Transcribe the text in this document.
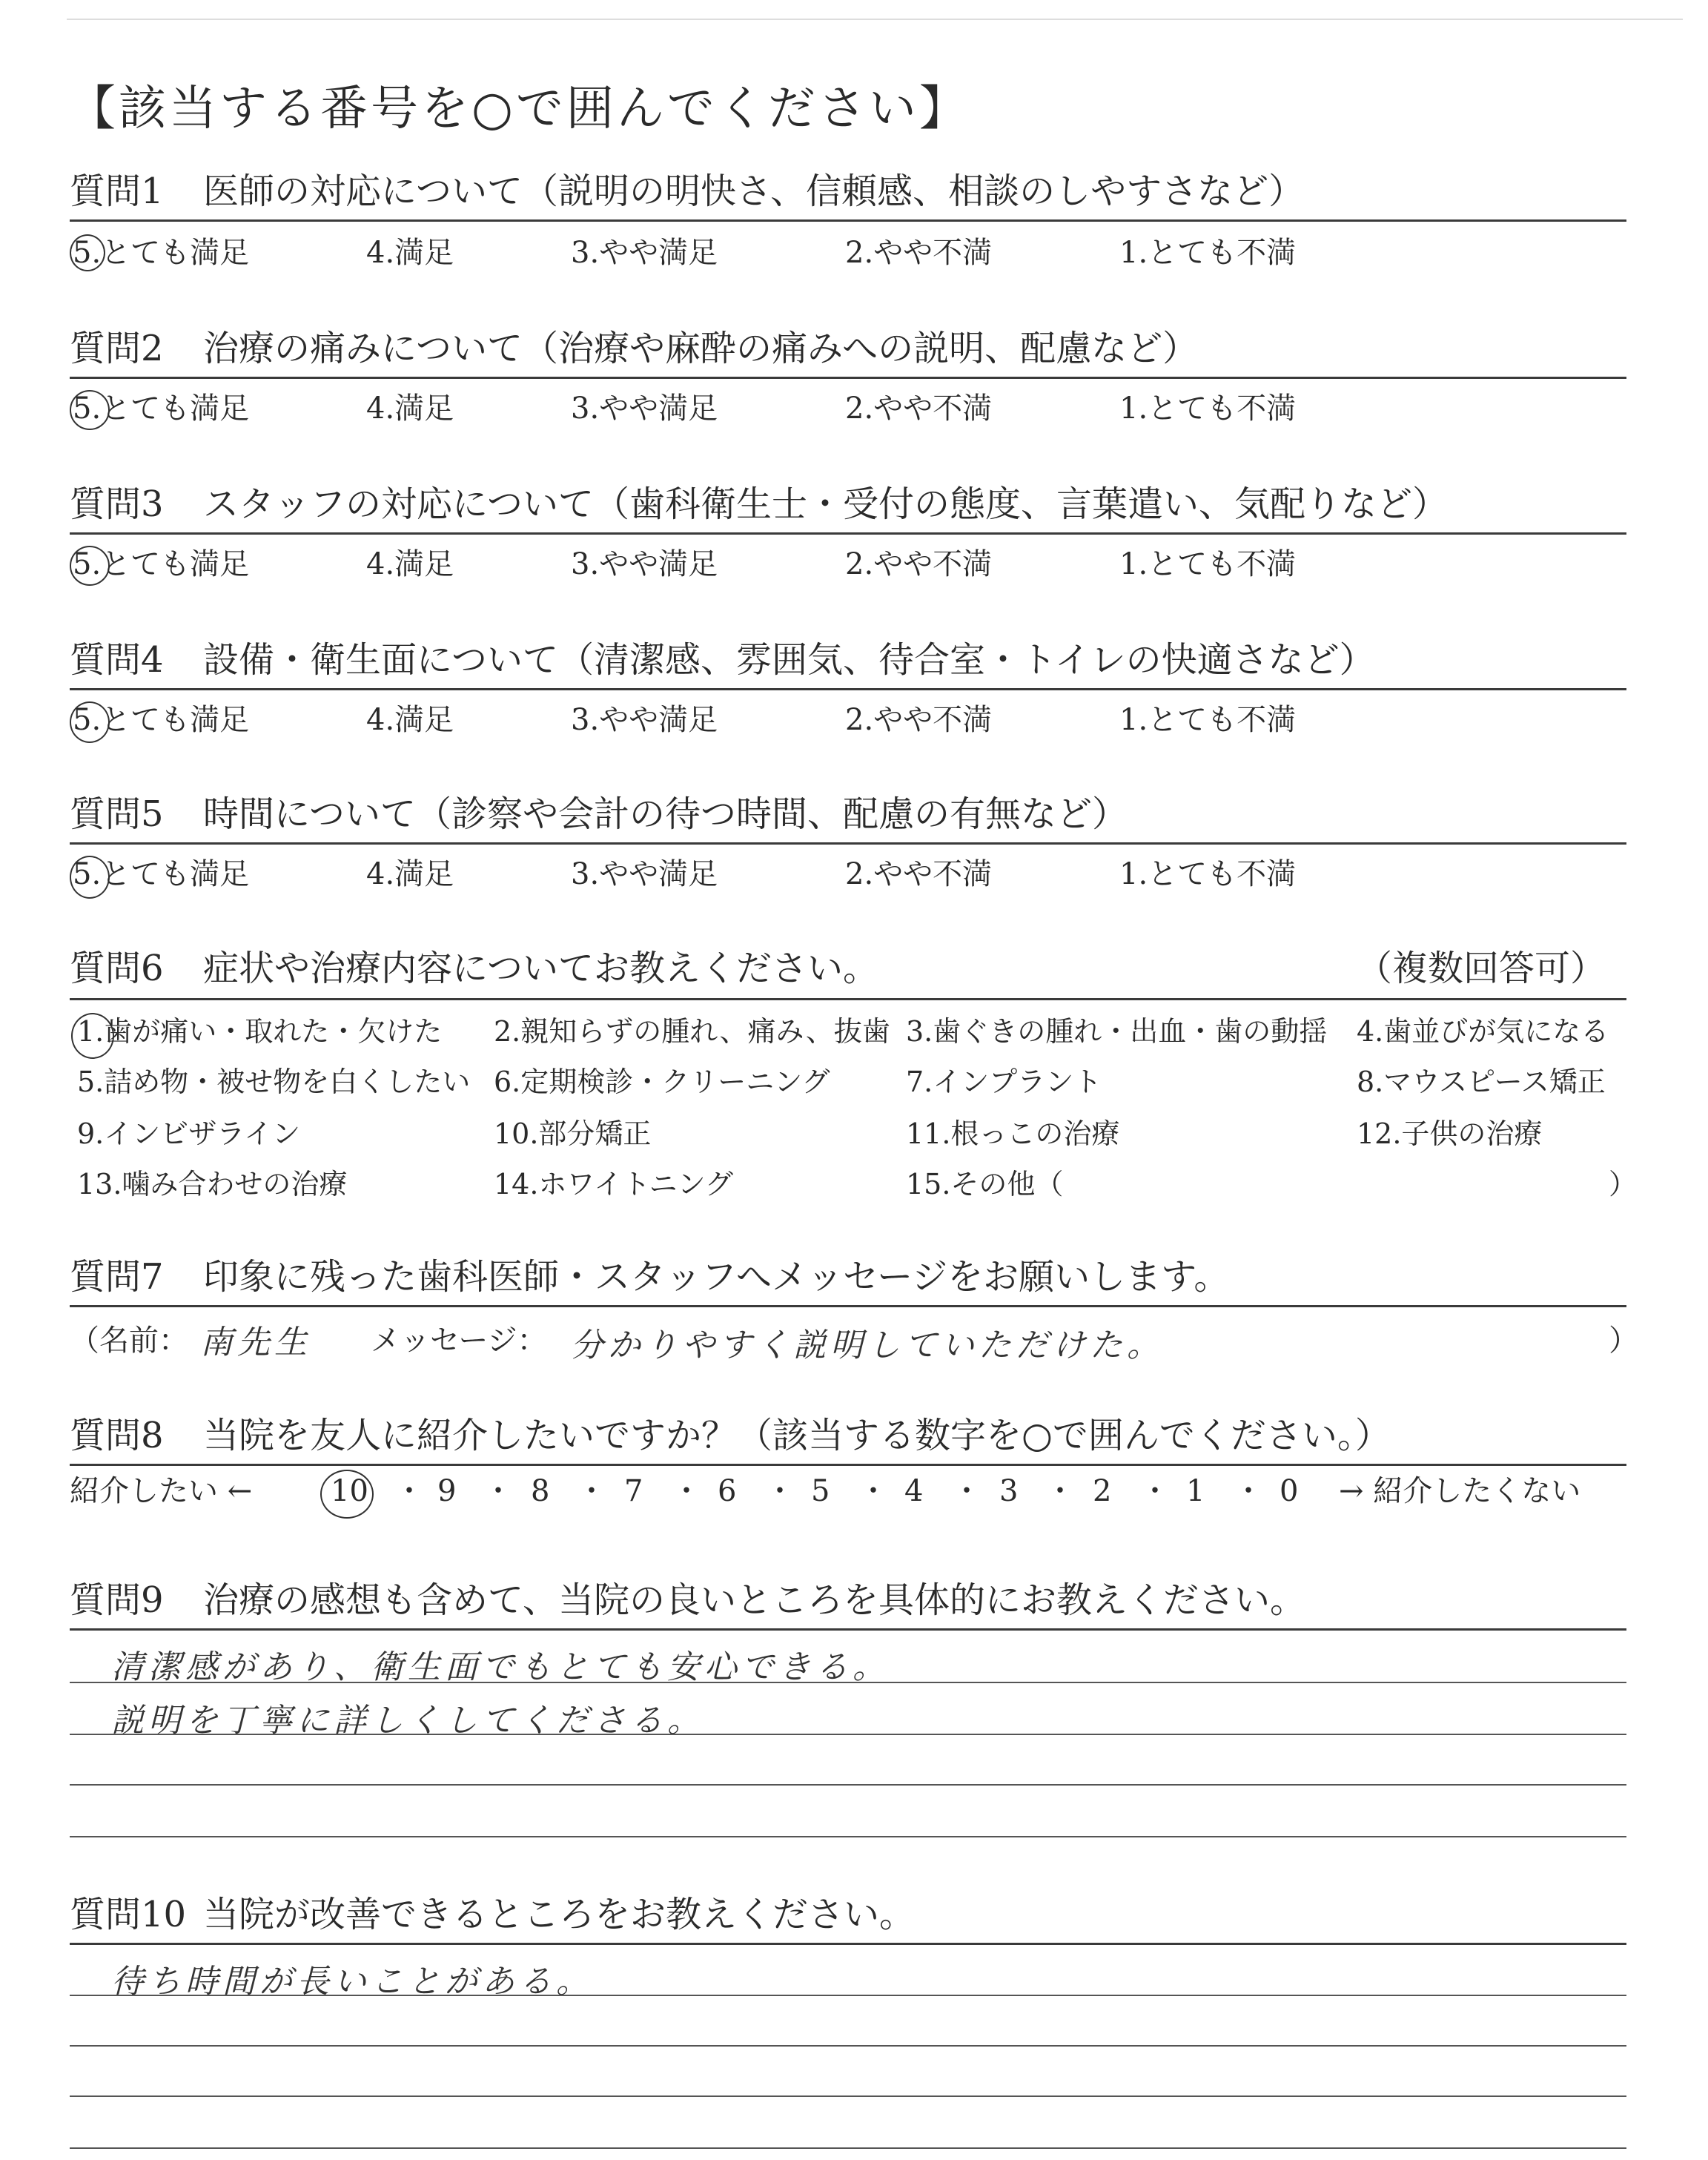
【該当する番号を○で囲んでください】
質問1 医師の対応について（説明の明快さ、信頼感、相談のしやすさなど）
5.とても満足	4.満足	3.やや満足	2.やや不満	1.とても不満
質問2 治療の痛みについて（治療や麻酔の痛みへの説明、配慮など）
5.とても満足	4.満足	3.やや満足	2.やや不満	1.とても不満
質問3 スタッフの対応について（歯科衛生士・受付の態度、言葉遣い、気配りなど）
5.とても満足	4.満足	3.やや満足	2.やや不満	1.とても不満
質問4 設備・衛生面について（清潔感、雰囲気、待合室・トイレの快適さなど）
5.とても満足	4.満足	3.やや満足	2.やや不満	1.とても不満
質問5 時間について（診察や会計の待つ時間、配慮の有無など）
5.とても満足	4.満足	3.やや満足	2.やや不満	1.とても不満
質問6 症状や治療内容についてお教えください。	（複数回答可）
1.歯が痛い・取れた・欠けた 2.親知らずの腫れ、痛み、抜歯 3.歯ぐきの腫れ・出血・歯の動揺 4.歯並びが気になる
5.詰め物・被せ物を白くしたい 6.定期検診・クリーニング	7.インプラント	8.マウスピース矯正
9.インビザライン	10.部分矯正	11.根っこの治療	12.子供の治療
13.噛み合わせの治療	14.ホワイトニング	15.その他（	）
質問7 印象に残った歯科医師・スタッフへメッセージをお願いします。
（名前： 南先生 メッセージ： 分かりやすく説明していただけた。	）
質問8 当院を友人に紹介したいですか？（該当する数字を○で囲んでください。）
紹介したい ←	10 ・ 9 ・ 8 ・ 7 ・ 6 ・ 5 ・ 4 ・ 3 ・ 2 ・ 1 ・ 0 → 紹介したくない
質問9 治療の感想も含めて、当院の良いところを具体的にお教えください。
清潔感があり、衛生面でもとても安心できる。
説明を丁寧に詳しくしてくださる。
質問10 当院が改善できるところをお教えください。
待ち時間が長いことがある。
